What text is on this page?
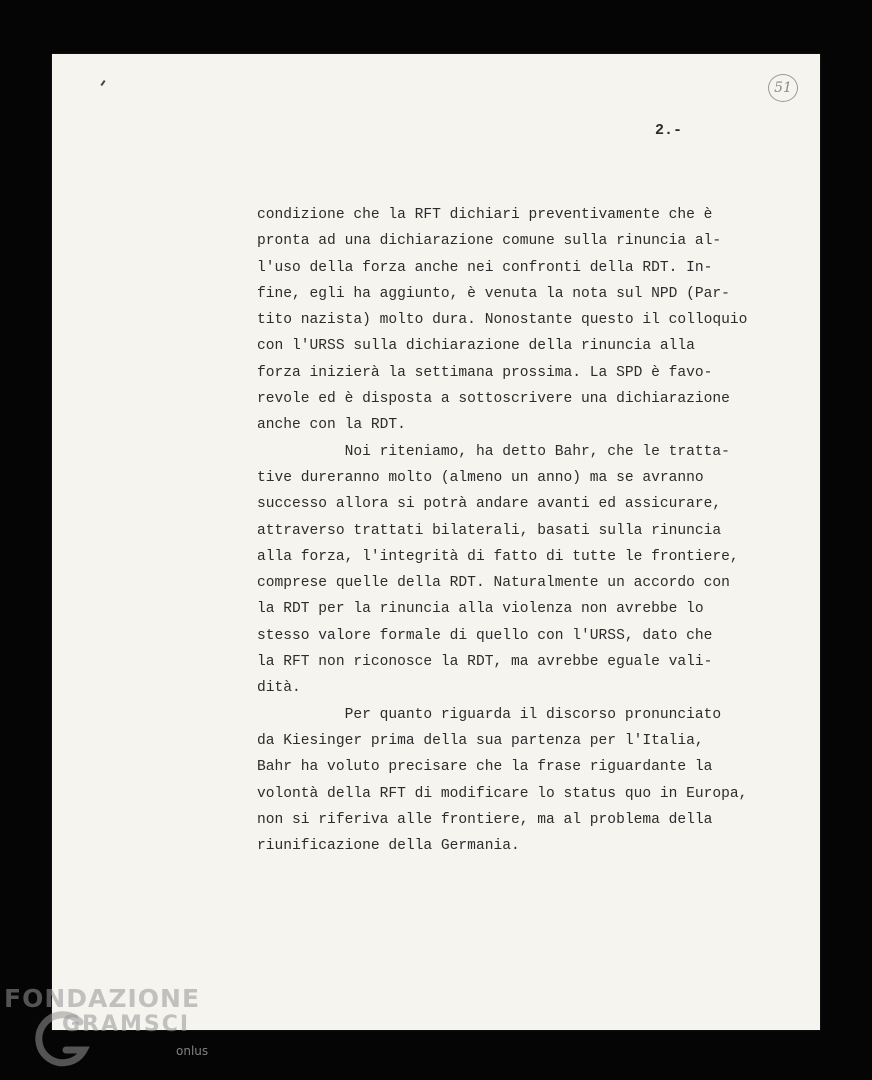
51
2.-
condizione che la RFT dichiari preventivamente che è
pronta ad una dichiarazione comune sulla rinuncia al-
l'uso della forza anche nei confronti della RDT. In-
fine, egli ha aggiunto, è venuta la nota sul NPD (Par-
tito nazista) molto dura. Nonostante questo il colloquio
con l'URSS sulla dichiarazione della rinuncia alla
forza inizierà la settimana prossima. La SPD è favo-
revole ed è disposta a sottoscrivere una dichiarazione
anche con la RDT.
Noi riteniamo, ha detto Bahr, che le tratta-
tive dureranno molto (almeno un anno) ma se avranno
successo allora si potrà andare avanti ed assicurare,
attraverso trattati bilaterali, basati sulla rinuncia
alla forza, l'integrità di fatto di tutte le frontiere,
comprese quelle della RDT. Naturalmente un accordo con
la RDT per la rinuncia alla violenza non avrebbe lo
stesso valore formale di quello con l'URSS, dato che
la RFT non riconosce la RDT, ma avrebbe eguale vali-
dità.
Per quanto riguarda il discorso pronunciato
da Kiesinger prima della sua partenza per l'Italia,
Bahr ha voluto precisare che la frase riguardante la
volontà della RFT di modificare lo status quo in Europa,
non si riferiva alle frontiere, ma al problema della
riunificazione della Germania.
FONDAZIONE
GRAMSCI
onlus
